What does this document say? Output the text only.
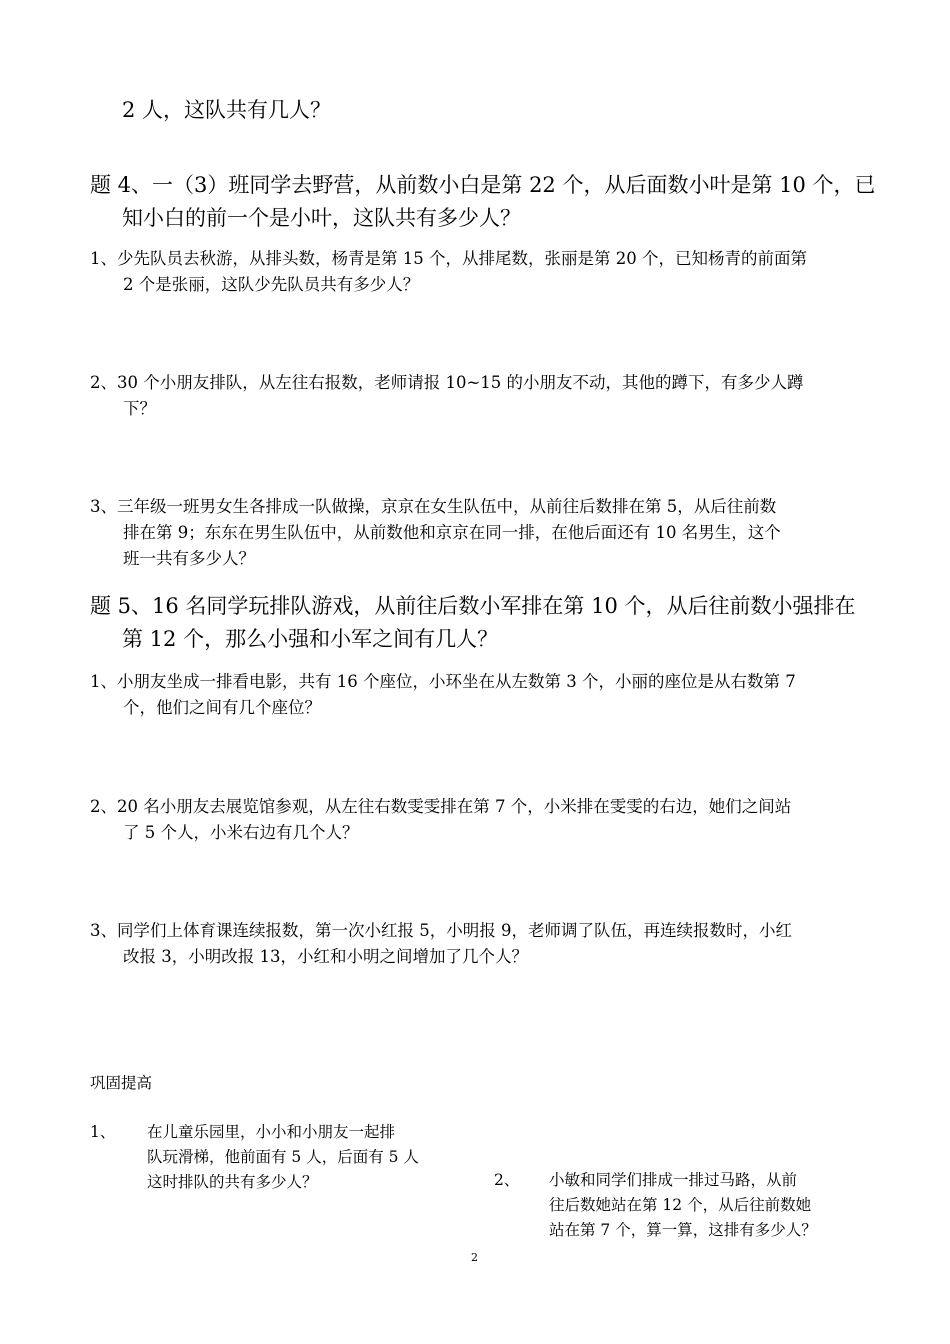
2 人，这队共有几人？
题 4、一（3）班同学去野营，从前数小白是第 22 个，从后面数小叶是第 10 个，已
知小白的前一个是小叶，这队共有多少人？
1、少先队员去秋游，从排头数，杨青是第 15 个，从排尾数，张丽是第 20 个，已知杨青的前面第
2 个是张丽，这队少先队员共有多少人？
2、30 个小朋友排队，从左往右报数，老师请报 10~15 的小朋友不动，其他的蹲下，有多少人蹲
下？
3、三年级一班男女生各排成一队做操，京京在女生队伍中，从前往后数排在第 5，从后往前数
排在第 9；东东在男生队伍中，从前数他和京京在同一排，在他后面还有 10 名男生，这个
班一共有多少人？
题 5、16 名同学玩排队游戏，从前往后数小军排在第 10 个，从后往前数小强排在
第 12 个，那么小强和小军之间有几人？
1、小朋友坐成一排看电影，共有 16 个座位，小环坐在从左数第 3 个，小丽的座位是从右数第 7
个，他们之间有几个座位？
2、20 名小朋友去展览馆参观，从左往右数雯雯排在第 7 个，小米排在雯雯的右边，她们之间站
了 5 个人，小米右边有几个人？
3、同学们上体育课连续报数，第一次小红报 5，小明报 9，老师调了队伍，再连续报数时，小红
改报 3，小明改报 13，小红和小明之间增加了几个人？
巩固提高
1、 在儿童乐园里，小小和小朋友一起排
队玩滑梯，他前面有 5 人，后面有 5 人
这时排队的共有多少人？	2、 小敏和同学们排成一排过马路，从前
往后数她站在第 12 个，从后往前数她
站在第 7 个，算一算，这排有多少人？
2
